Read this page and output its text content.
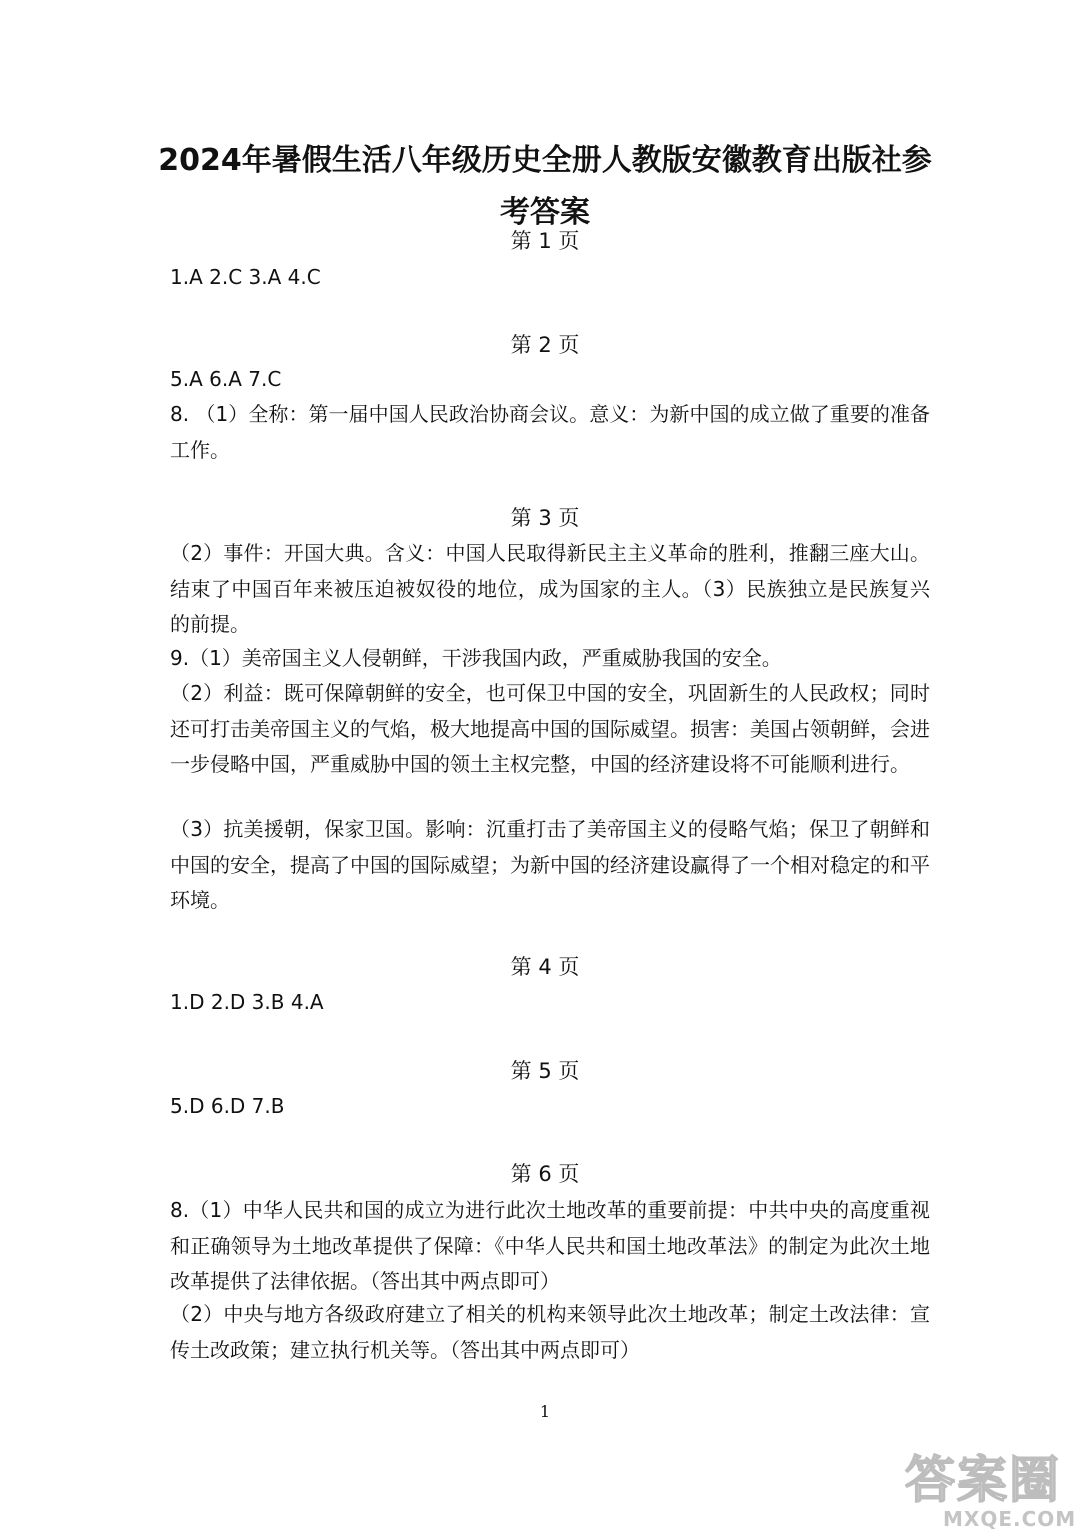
2024年暑假生活八年级历史全册人教版安徽教育出版社参
考答案
第 1 页

1.A 2.C 3.A 4.C

第 2 页

5.A 6.A 7.C

8. （1）全称：第一届中国人民政治协商会议。意义：为新中国的成立做了重要的准备工作。

第 3 页

（2）事件：开国大典。含义：中国人民取得新民主主义革命的胜利，推翻三座大山。结束了中国百年来被压迫被奴役的地位，成为国家的主人。（3）民族独立是民族复兴的前提。

9.（1）美帝国主义人侵朝鲜，干涉我国内政，严重威胁我国的安全。

（2）利益：既可保障朝鲜的安全，也可保卫中国的安全，巩固新生的人民政权；同时还可打击美帝国主义的气焰，极大地提高中国的国际威望。损害：美国占领朝鲜，会进一步侵略中国，严重威胁中国的领土主权完整，中国的经济建设将不可能顺利进行。

（3）抗美援朝，保家卫国。影响：沉重打击了美帝国主义的侵略气焰；保卫了朝鲜和中国的安全，提高了中国的国际威望；为新中国的经济建设赢得了一个相对稳定的和平环境。

第 4 页

1.D 2.D 3.B 4.A

第 5 页

5.D 6.D 7.B

第 6 页

8.（1）中华人民共和国的成立为进行此次土地改革的重要前提：中共中央的高度重视和正确领导为土地改革提供了保障：《中华人民共和国土地改革法》的制定为此次土地改革提供了法律依据。（答出其中两点即可）

（2）中央与地方各级政府建立了相关的机构来领导此次土地改革；制定土改法律：宣传土改政策；建立执行机关等。（答出其中两点即可）

1
答案圈
MXQE.COM
